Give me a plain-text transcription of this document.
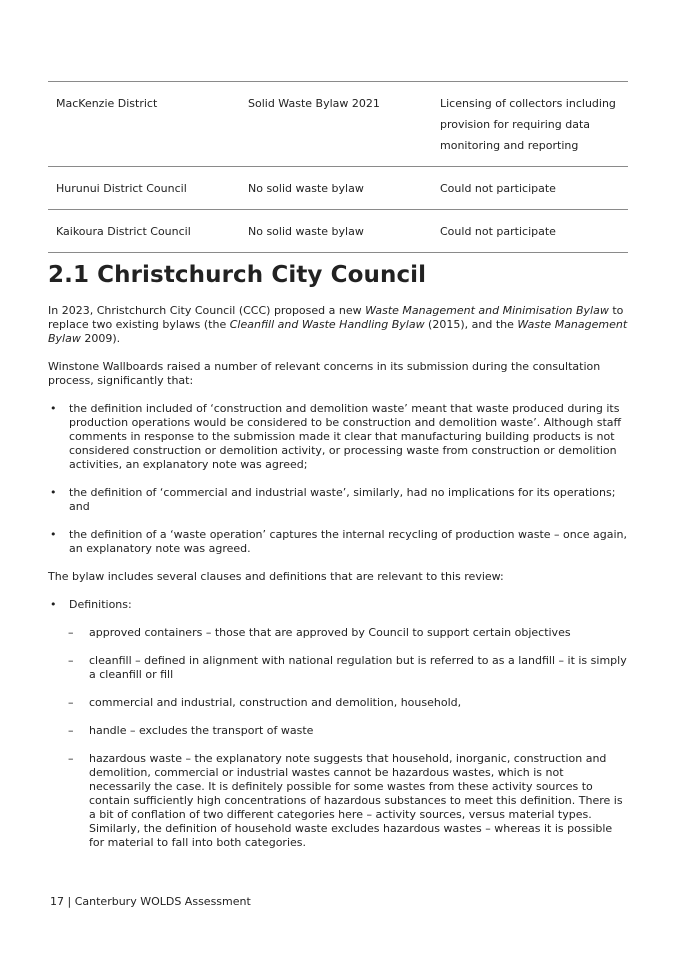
MacKenzie District	Solid Waste Bylaw 2021	Licensing of collectors including provision for requiring data monitoring and reporting
Hurunui District Council	No solid waste bylaw	Could not participate
Kaikoura District Council	No solid waste bylaw	Could not participate
2.1 Christchurch City Council

In 2023, Christchurch City Council (CCC) proposed a new Waste Management and Minimisation Bylaw to replace two existing bylaws (the Cleanfill and Waste Handling Bylaw (2015), and the Waste Management Bylaw 2009).

Winstone Wallboards raised a number of relevant concerns in its submission during the consultation process, significantly that:

• the definition included of ‘construction and demolition waste’ meant that waste produced during its production operations would be considered to be construction and demolition waste’. Although staff comments in response to the submission made it clear that manufacturing building products is not considered construction or demolition activity, or processing waste from construction or demolition activities, an explanatory note was agreed;
• the definition of ‘commercial and industrial waste’, similarly, had no implications for its operations; and
• the definition of a ‘waste operation’ captures the internal recycling of production waste – once again, an explanatory note was agreed.

The bylaw includes several clauses and definitions that are relevant to this review:

• Definitions:
– approved containers – those that are approved by Council to support certain objectives
– cleanfill – defined in alignment with national regulation but is referred to as a landfill – it is simply a cleanfill or fill
– commercial and industrial, construction and demolition, household,
– handle – excludes the transport of waste
– hazardous waste – the explanatory note suggests that household, inorganic, construction and demolition, commercial or industrial wastes cannot be hazardous wastes, which is not necessarily the case. It is definitely possible for some wastes from these activity sources to contain sufficiently high concentrations of hazardous substances to meet this definition. There is a bit of conflation of two different categories here – activity sources, versus material types. Similarly, the definition of household waste excludes hazardous wastes – whereas it is possible for material to fall into both categories.
17 | Canterbury WOLDS Assessment
